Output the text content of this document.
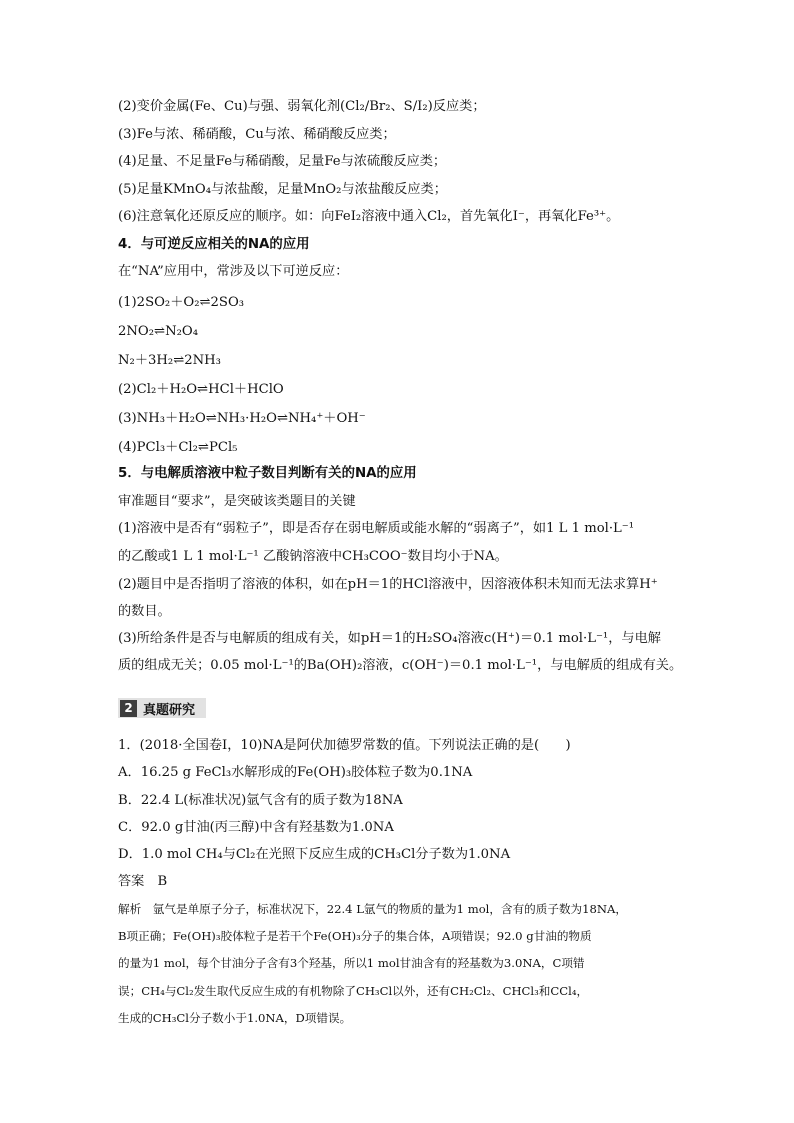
(2)变价金属(Fe、Cu)与强、弱氧化剂(Cl₂/Br₂、S/I₂)反应类；
(3)Fe与浓、稀硝酸，Cu与浓、稀硝酸反应类；
(4)足量、不足量Fe与稀硝酸，足量Fe与浓硫酸反应类；
(5)足量KMnO₄与浓盐酸，足量MnO₂与浓盐酸反应类；
(6)注意氧化还原反应的顺序。如：向FeI₂溶液中通入Cl₂，首先氧化I⁻，再氧化Fe³⁺。
4．与可逆反应相关的NA的应用
在“NA”应用中，常涉及以下可逆反应：
(1)2SO₂＋O₂⇌2SO₃
2NO₂⇌N₂O₄
N₂＋3H₂⇌2NH₃
(2)Cl₂＋H₂O⇌HCl＋HClO
(3)NH₃＋H₂O⇌NH₃·H₂O⇌NH₄⁺＋OH⁻
(4)PCl₃＋Cl₂⇌PCl₅
5．与电解质溶液中粒子数目判断有关的NA的应用
审准题目“要求”，是突破该类题目的关键
(1)溶液中是否有“弱粒子”，即是否存在弱电解质或能水解的“弱离子”，如1 L 1 mol·L⁻¹
的乙酸或1 L 1 mol·L⁻¹ 乙酸钠溶液中CH₃COO⁻数目均小于NA。
(2)题目中是否指明了溶液的体积，如在pH＝1的HCl溶液中，因溶液体积未知而无法求算H⁺
的数目。
(3)所给条件是否与电解质的组成有关，如pH＝1的H₂SO₄溶液c(H⁺)＝0.1 mol·L⁻¹，与电解
质的组成无关；0.05 mol·L⁻¹的Ba(OH)₂溶液，c(OH⁻)＝0.1 mol·L⁻¹，与电解质的组成有关。
2 真题研究
1．(2018·全国卷Ⅰ，10)NA是阿伏加德罗常数的值。下列说法正确的是(　　)
A．16.25 g FeCl₃水解形成的Fe(OH)₃胶体粒子数为0.1NA
B．22.4 L(标准状况)氩气含有的质子数为18NA
C．92.0 g甘油(丙三醇)中含有羟基数为1.0NA
D．1.0 mol CH₄与Cl₂在光照下反应生成的CH₃Cl分子数为1.0NA
答案　B
解析　氩气是单原子分子，标准状况下，22.4 L氩气的物质的量为1 mol，含有的质子数为18NA，
B项正确；Fe(OH)₃胶体粒子是若干个Fe(OH)₃分子的集合体，A项错误；92.0 g甘油的物质
的量为1 mol，每个甘油分子含有3个羟基，所以1 mol甘油含有的羟基数为3.0NA，C项错
误；CH₄与Cl₂发生取代反应生成的有机物除了CH₃Cl以外，还有CH₂Cl₂、CHCl₃和CCl₄，
生成的CH₃Cl分子数小于1.0NA，D项错误。
